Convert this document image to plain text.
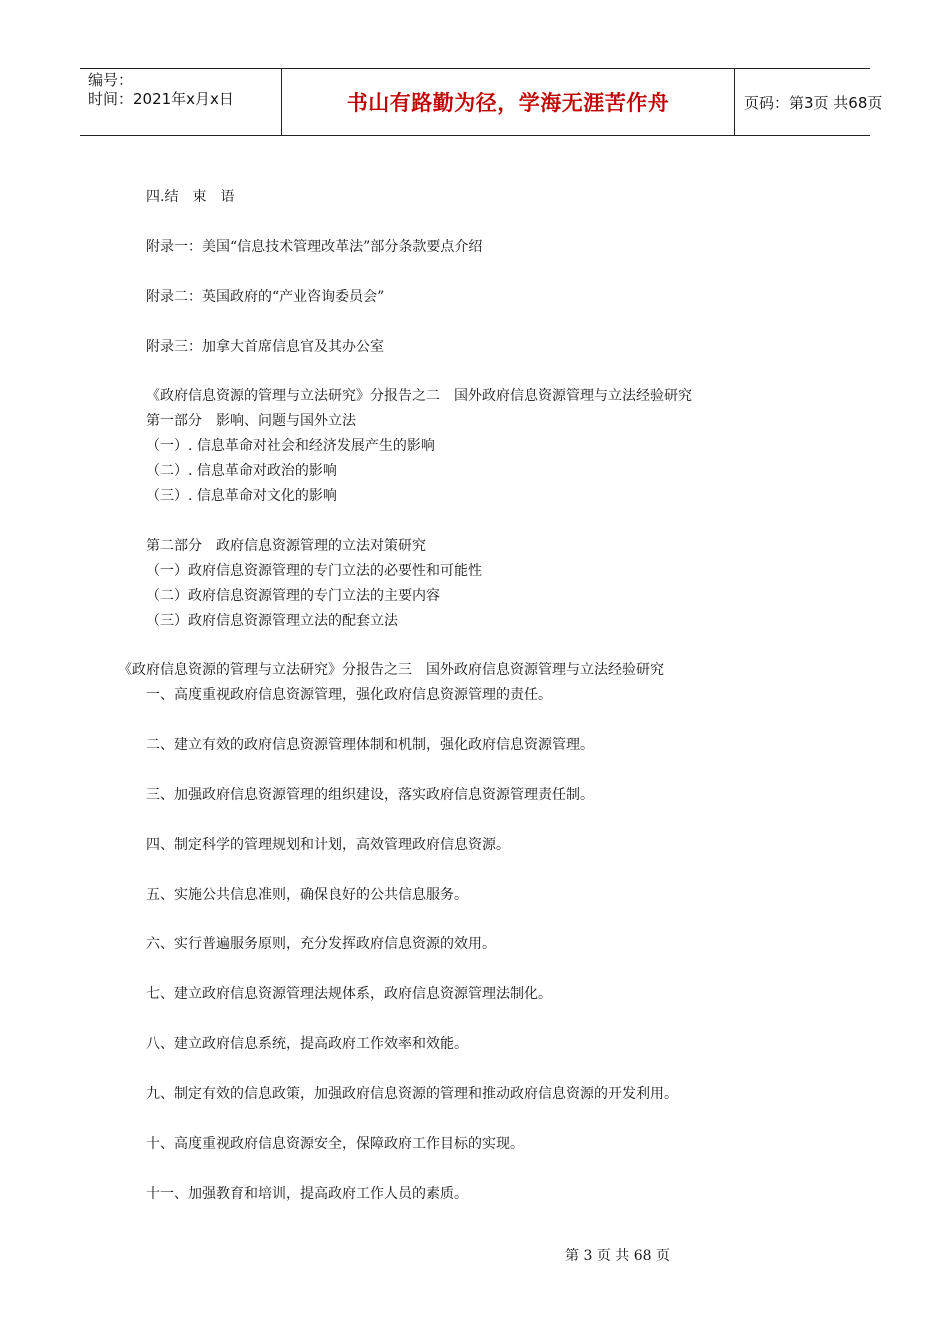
编号：
时间：2021年x月x日	书山有路勤为径，学海无涯苦作舟	页码：第3页 共68页
四.结　束　语
附录一：美国“信息技术管理改革法”部分条款要点介绍
附录二：英国政府的“产业咨询委员会”
附录三：加拿大首席信息官及其办公室
《政府信息资源的管理与立法研究》分报告之二　国外政府信息资源管理与立法经验研究
第一部分　影响、问题与国外立法
（一）. 信息革命对社会和经济发展产生的影响
（二）. 信息革命对政治的影响
（三）. 信息革命对文化的影响
第二部分　政府信息资源管理的立法对策研究
（一）政府信息资源管理的专门立法的必要性和可能性
（二）政府信息资源管理的专门立法的主要内容
（三）政府信息资源管理立法的配套立法
《政府信息资源的管理与立法研究》分报告之三　国外政府信息资源管理与立法经验研究
一、高度重视政府信息资源管理，强化政府信息资源管理的责任。
二、建立有效的政府信息资源管理体制和机制，强化政府信息资源管理。
三、加强政府信息资源管理的组织建设，落实政府信息资源管理责任制。
四、制定科学的管理规划和计划，高效管理政府信息资源。
五、实施公共信息准则，确保良好的公共信息服务。
六、实行普遍服务原则，充分发挥政府信息资源的效用。
七、建立政府信息资源管理法规体系，政府信息资源管理法制化。
八、建立政府信息系统，提高政府工作效率和效能。
九、制定有效的信息政策，加强政府信息资源的管理和推动政府信息资源的开发利用。
十、高度重视政府信息资源安全，保障政府工作目标的实现。
十一、加强教育和培训，提高政府工作人员的素质。
第 3 页 共 68 页
